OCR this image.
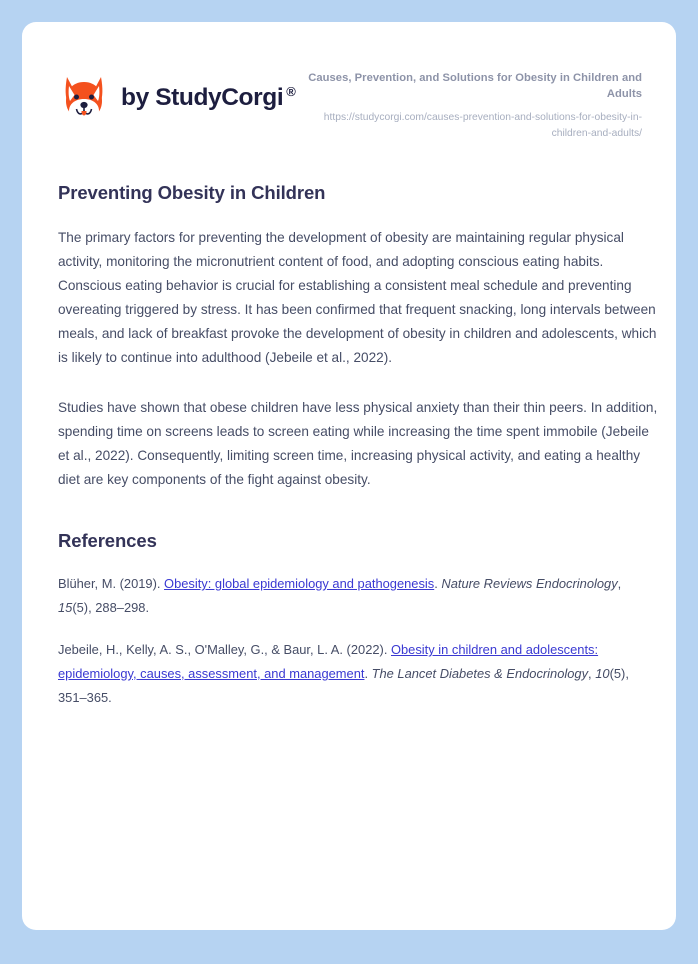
by StudyCorgi ®
Causes, Prevention, and Solutions for Obesity in Children and Adults
https://studycorgi.com/causes-prevention-and-solutions-for-obesity-in-children-and-adults/
Preventing Obesity in Children

The primary factors for preventing the development of obesity are maintaining regular physical activity, monitoring the micronutrient content of food, and adopting conscious eating habits. Conscious eating behavior is crucial for establishing a consistent meal schedule and preventing overeating triggered by stress. It has been confirmed that frequent snacking, long intervals between meals, and lack of breakfast provoke the development of obesity in children and adolescents, which is likely to continue into adulthood (Jebeile et al., 2022).

Studies have shown that obese children have less physical anxiety than their thin peers. In addition, spending time on screens leads to screen eating while increasing the time spent immobile (Jebeile et al., 2022). Consequently, limiting screen time, increasing physical activity, and eating a healthy diet are key components of the fight against obesity.

References

Blüher, M. (2019). Obesity: global epidemiology and pathogenesis. Nature Reviews Endocrinology, 15(5), 288–298.

Jebeile, H., Kelly, A. S., O'Malley, G., & Baur, L. A. (2022). Obesity in children and adolescents: epidemiology, causes, assessment, and management. The Lancet Diabetes & Endocrinology, 10(5), 351–365.
